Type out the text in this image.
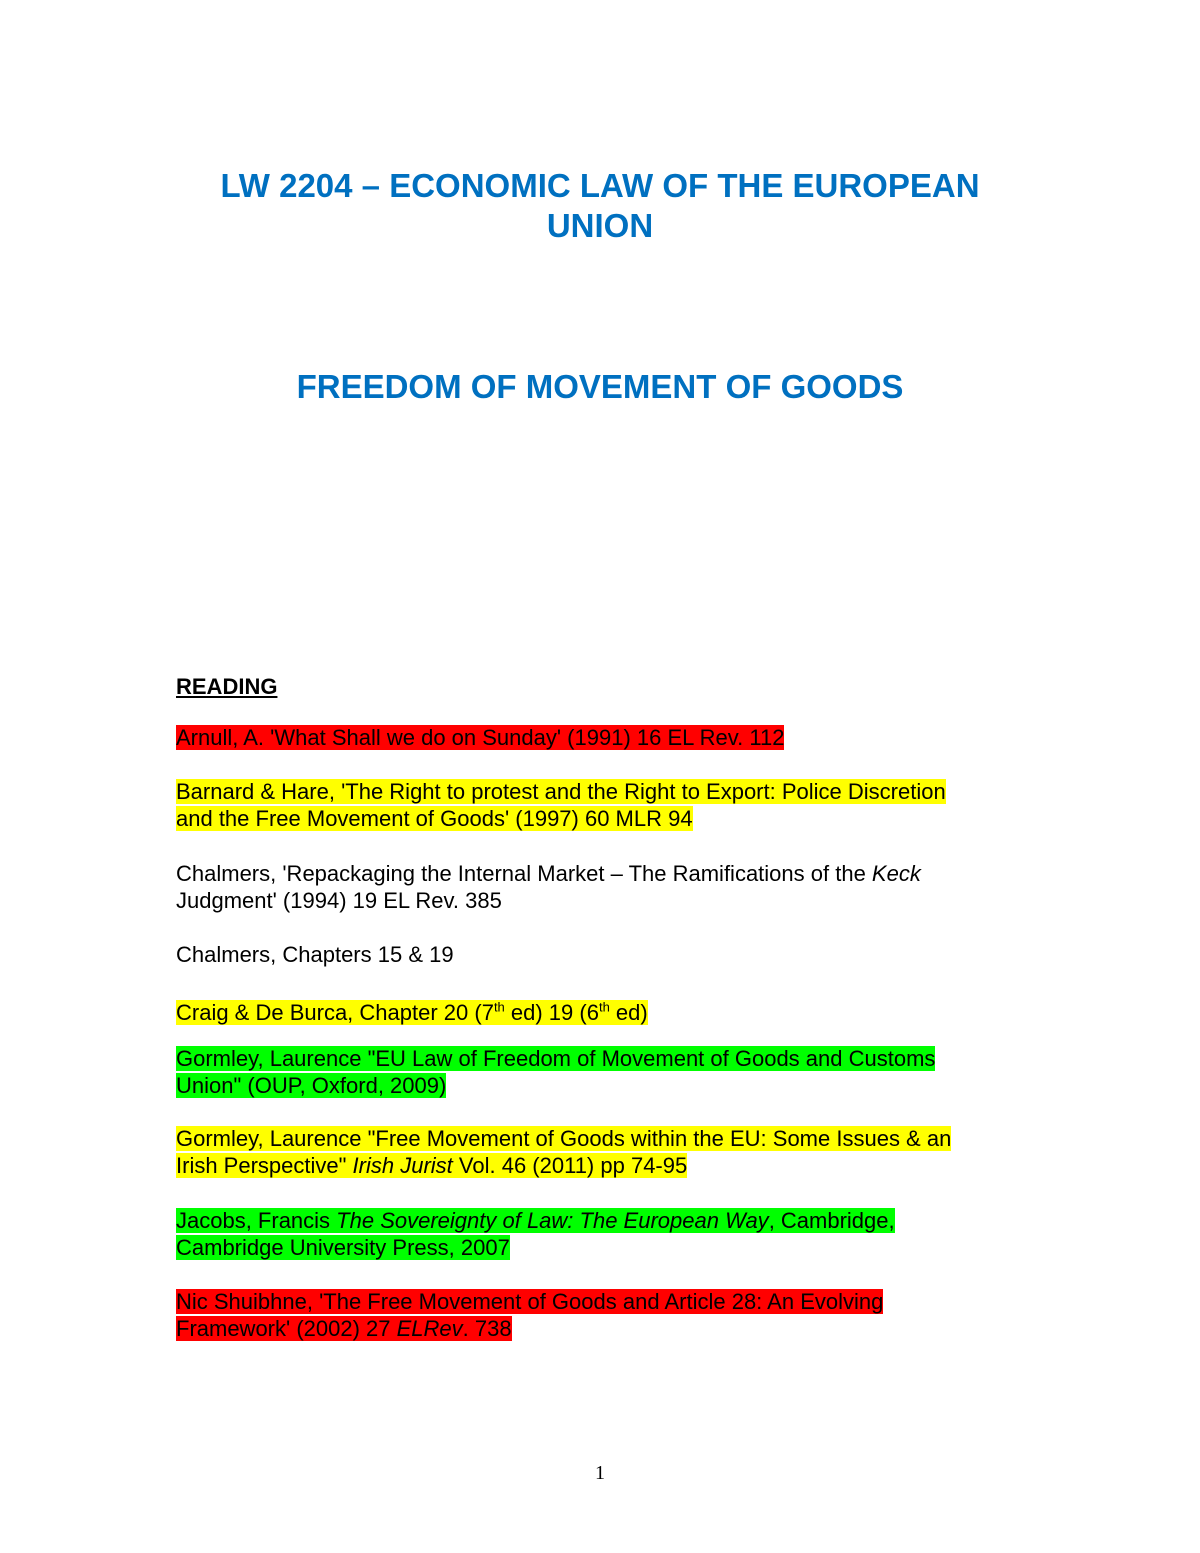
LW 2204 – ECONOMIC LAW OF THE EUROPEAN
UNION
FREEDOM OF MOVEMENT OF GOODS
READING

Arnull, A. 'What Shall we do on Sunday' (1991) 16 EL Rev. 112

Barnard & Hare, 'The Right to protest and the Right to Export: Police Discretion
and the Free Movement of Goods' (1997) 60 MLR 94

Chalmers, 'Repackaging the Internal Market – The Ramifications of the Keck
Judgment' (1994) 19 EL Rev. 385

Chalmers, Chapters 15 & 19

Craig & De Burca, Chapter 20 (7th ed) 19 (6th ed)

Gormley, Laurence "EU Law of Freedom of Movement of Goods and Customs
Union" (OUP, Oxford, 2009)

Gormley, Laurence "Free Movement of Goods within the EU: Some Issues & an
Irish Perspective" Irish Jurist Vol. 46 (2011) pp 74-95

Jacobs, Francis The Sovereignty of Law: The European Way, Cambridge,
Cambridge University Press, 2007

Nic Shuibhne, 'The Free Movement of Goods and Article 28: An Evolving
Framework' (2002) 27 ELRev. 738

1
